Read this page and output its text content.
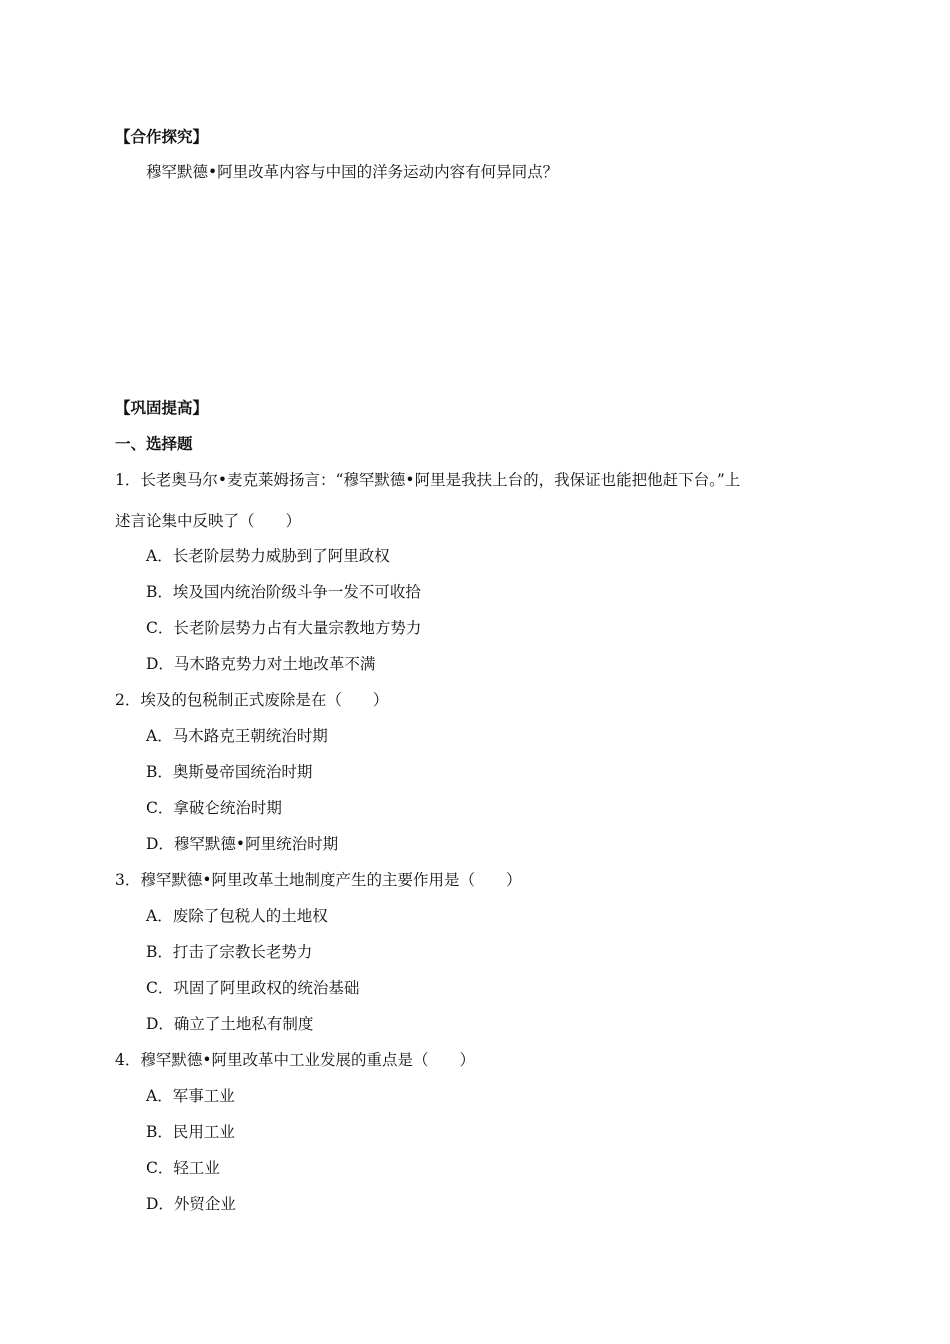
【合作探究】
穆罕默德•阿里改革内容与中国的洋务运动内容有何异同点？
【巩固提高】
一、选择题
1．长老奥马尔•麦克莱姆扬言：“穆罕默德•阿里是我扶上台的，我保证也能把他赶下台。”上
述言论集中反映了（　　）
A．长老阶层势力威胁到了阿里政权
B．埃及国内统治阶级斗争一发不可收拾
C．长老阶层势力占有大量宗教地方势力
D．马木路克势力对土地改革不满
2．埃及的包税制正式废除是在（　　）
A．马木路克王朝统治时期
B．奥斯曼帝国统治时期
C．拿破仑统治时期
D．穆罕默德•阿里统治时期
3．穆罕默德•阿里改革土地制度产生的主要作用是（　　）
A．废除了包税人的土地权
B．打击了宗教长老势力
C．巩固了阿里政权的统治基础
D．确立了土地私有制度
4．穆罕默德•阿里改革中工业发展的重点是（　　）
A．军事工业
B．民用工业
C．轻工业
D．外贸企业
